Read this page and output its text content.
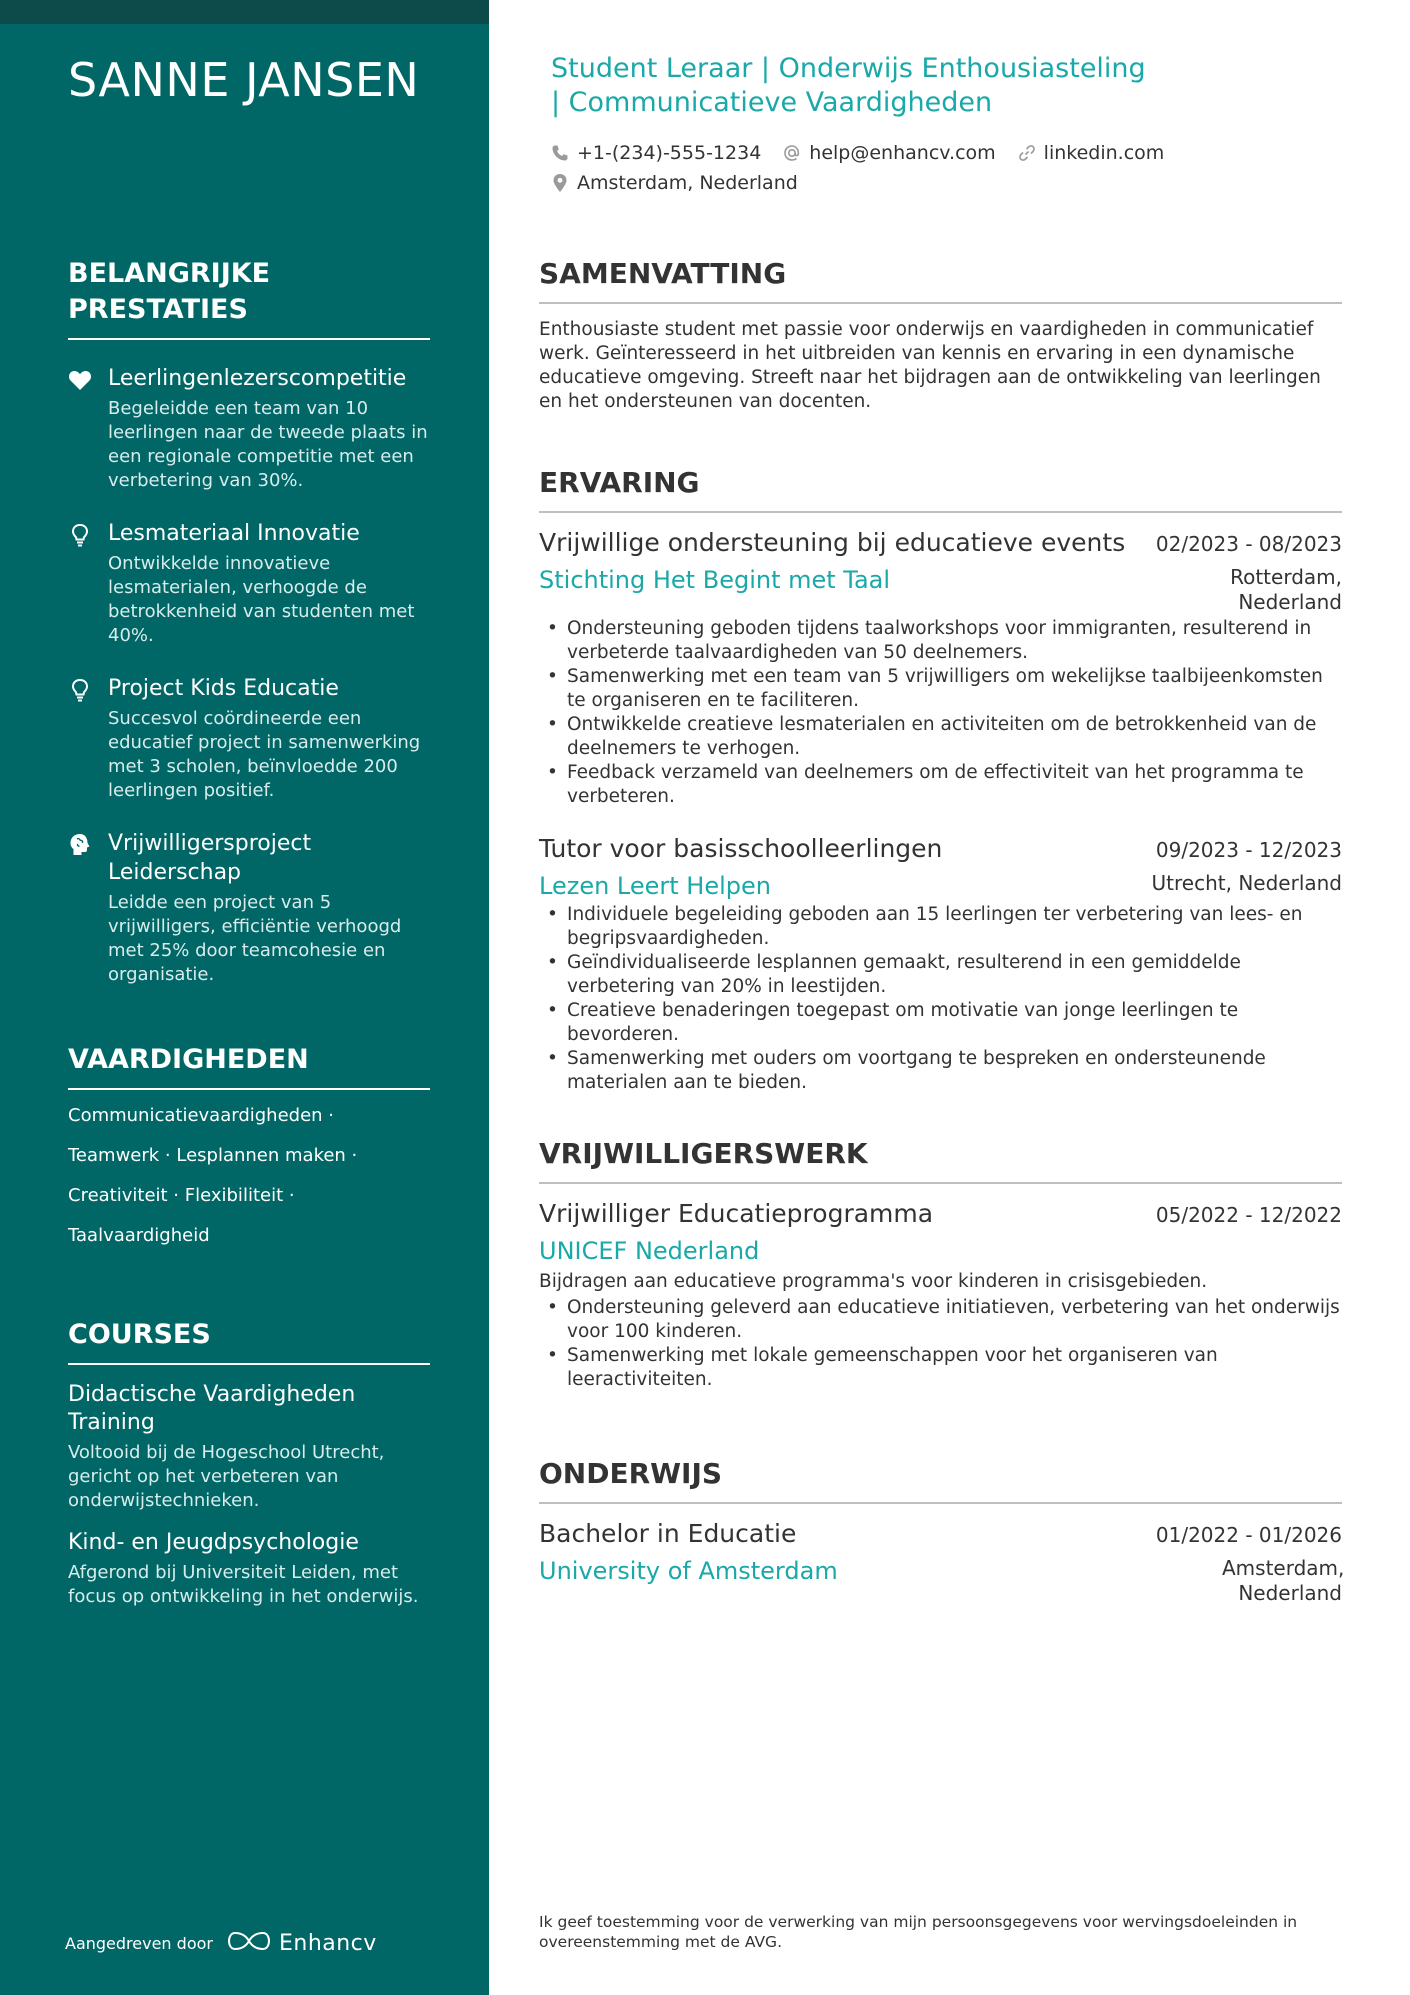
SANNE JANSEN
BELANGRIJKE PRESTATIES
Leerlingenlezerscompetitie
Begeleidde een team van 10 leerlingen naar de tweede plaats in een regionale competitie met een verbetering van 30%.
Lesmateriaal Innovatie
Ontwikkelde innovatieve lesmaterialen, verhoogde de betrokkenheid van studenten met 40%.
Project Kids Educatie
Succesvol coördineerde een educatief project in samenwerking met 3 scholen, beïnvloedde 200 leerlingen positief.
Vrijwilligersproject Leiderschap
Leidde een project van 5 vrijwilligers, efficiëntie verhoogd met 25% door teamcohesie en organisatie.
VAARDIGHEDEN
Communicatievaardigheden ·
Teamwerk · Lesplannen maken ·
Creativiteit · Flexibiliteit ·
Taalvaardigheid
COURSES
Didactische Vaardigheden Training
Voltooid bij de Hogeschool Utrecht, gericht op het verbeteren van onderwijstechnieken.
Kind- en Jeugdpsychologie
Afgerond bij Universiteit Leiden, met focus op ontwikkeling in het onderwijs.
Aangedreven door	Enhancv
Student Leraar | Onderwijs Enthousiasteling | Communicatieve Vaardigheden
+1-(234)-555-1234	help@enhancv.com	linkedin.com
Amsterdam, Nederland
SAMENVATTING

Enthousiaste student met passie voor onderwijs en vaardigheden in communicatief werk. Geïnteresseerd in het uitbreiden van kennis en ervaring in een dynamische educatieve omgeving. Streeft naar het bijdragen aan de ontwikkeling van leerlingen en het ondersteunen van docenten.

ERVARING
Vrijwillige ondersteuning bij educatieve events 02/2023 - 08/2023
Stichting Het Begint met Taal	Rotterdam, Nederland
• Ondersteuning geboden tijdens taalworkshops voor immigranten, resulterend in verbeterde taalvaardigheden van 50 deelnemers.
• Samenwerking met een team van 5 vrijwilligers om wekelijkse taalbijeenkomsten te organiseren en te faciliteren.
• Ontwikkelde creatieve lesmaterialen en activiteiten om de betrokkenheid van de deelnemers te verhogen.
• Feedback verzameld van deelnemers om de effectiviteit van het programma te verbeteren.
Tutor voor basisschoolleerlingen	09/2023 - 12/2023
Lezen Leert Helpen	Utrecht, Nederland
• Individuele begeleiding geboden aan 15 leerlingen ter verbetering van lees- en begripsvaardigheden.
• Geïndividualiseerde lesplannen gemaakt, resulterend in een gemiddelde verbetering van 20% in leestijden.
• Creatieve benaderingen toegepast om motivatie van jonge leerlingen te bevorderen.
• Samenwerking met ouders om voortgang te bespreken en ondersteunende materialen aan te bieden.
VRIJWILLIGERSWERK
Vrijwilliger Educatieprogramma	05/2022 - 12/2022
UNICEF Nederland

Bijdragen aan educatieve programma's voor kinderen in crisisgebieden.

• Ondersteuning geleverd aan educatieve initiatieven, verbetering van het onderwijs voor 100 kinderen.
• Samenwerking met lokale gemeenschappen voor het organiseren van leeractiviteiten.
ONDERWIJS
Bachelor in Educatie	01/2022 - 01/2026
University of Amsterdam	Amsterdam, Nederland

Ik geef toestemming voor de verwerking van mijn persoonsgegevens voor wervingsdoeleinden in overeenstemming met de AVG.
